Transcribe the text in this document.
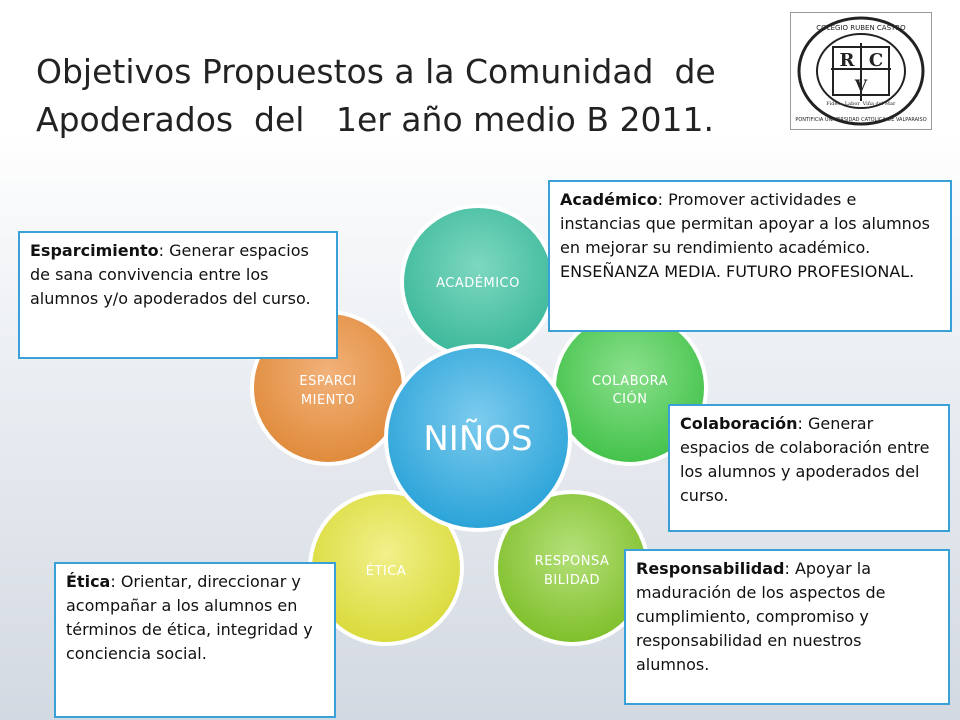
Objetivos Propuestos a la Comunidad  de
Apoderados  del   1er año medio B 2011.
R C
V
COLEGIO RUBEN CASTRO
PONTIFICIA UNIVERSIDAD CATOLICA DE VALPARAISO
Fides - Labor Viña del Mar
ACADÉMICO
COLABORA
CIÓN
RESPONSA
BILIDAD
ÉTICA
ESPARCI
MIENTO
NIÑOS
Académico: Promover actividades e instancias que permitan apoyar a los alumnos en mejorar su rendimiento académico. ENSEÑANZA MEDIA. FUTURO PROFESIONAL.
Esparcimiento: Generar espacios de sana convivencia entre los alumnos y/o apoderados del curso.
Colaboración: Generar espacios de colaboración entre los alumnos y apoderados del curso.
Responsabilidad: Apoyar la maduración de los aspectos de cumplimiento, compromiso y responsabilidad en nuestros alumnos.
Ética: Orientar, direccionar y acompañar a los alumnos en términos de ética, integridad y conciencia social.
